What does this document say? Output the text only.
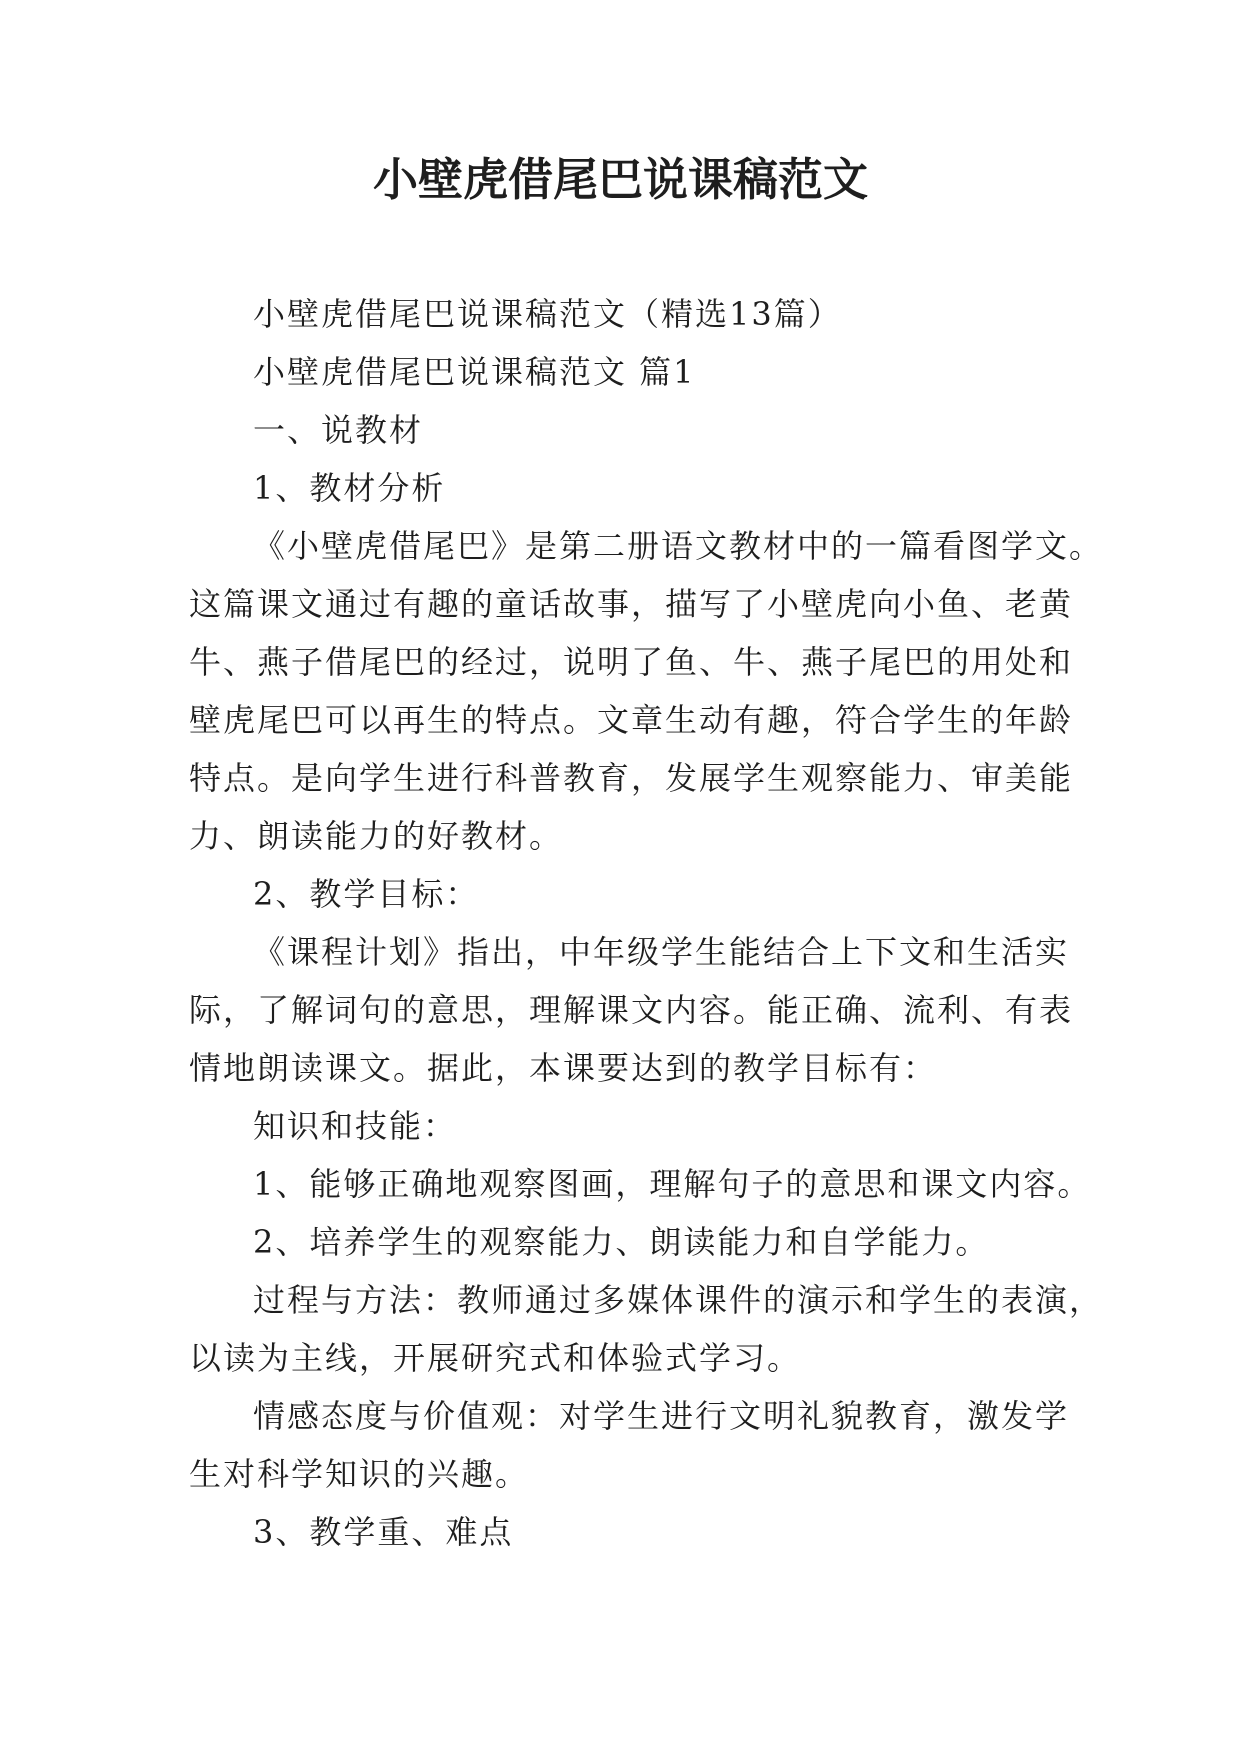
小壁虎借尾巴说课稿范文
小壁虎借尾巴说课稿范文（精选13篇）
小壁虎借尾巴说课稿范文 篇1
一、说教材
1、教材分析
《小壁虎借尾巴》是第二册语文教材中的一篇看图学文。
这篇课文通过有趣的童话故事，描写了小壁虎向小鱼、老黄
牛、燕子借尾巴的经过，说明了鱼、牛、燕子尾巴的用处和
壁虎尾巴可以再生的特点。文章生动有趣，符合学生的年龄
特点。是向学生进行科普教育，发展学生观察能力、审美能
力、朗读能力的好教材。
2、教学目标：
《课程计划》指出，中年级学生能结合上下文和生活实
际，了解词句的意思，理解课文内容。能正确、流利、有表
情地朗读课文。据此，本课要达到的教学目标有：
知识和技能：
1、能够正确地观察图画，理解句子的意思和课文内容。
2、培养学生的观察能力、朗读能力和自学能力。
过程与方法：教师通过多媒体课件的演示和学生的表演，
以读为主线，开展研究式和体验式学习。
情感态度与价值观：对学生进行文明礼貌教育，激发学
生对科学知识的兴趣。
3、教学重、难点
